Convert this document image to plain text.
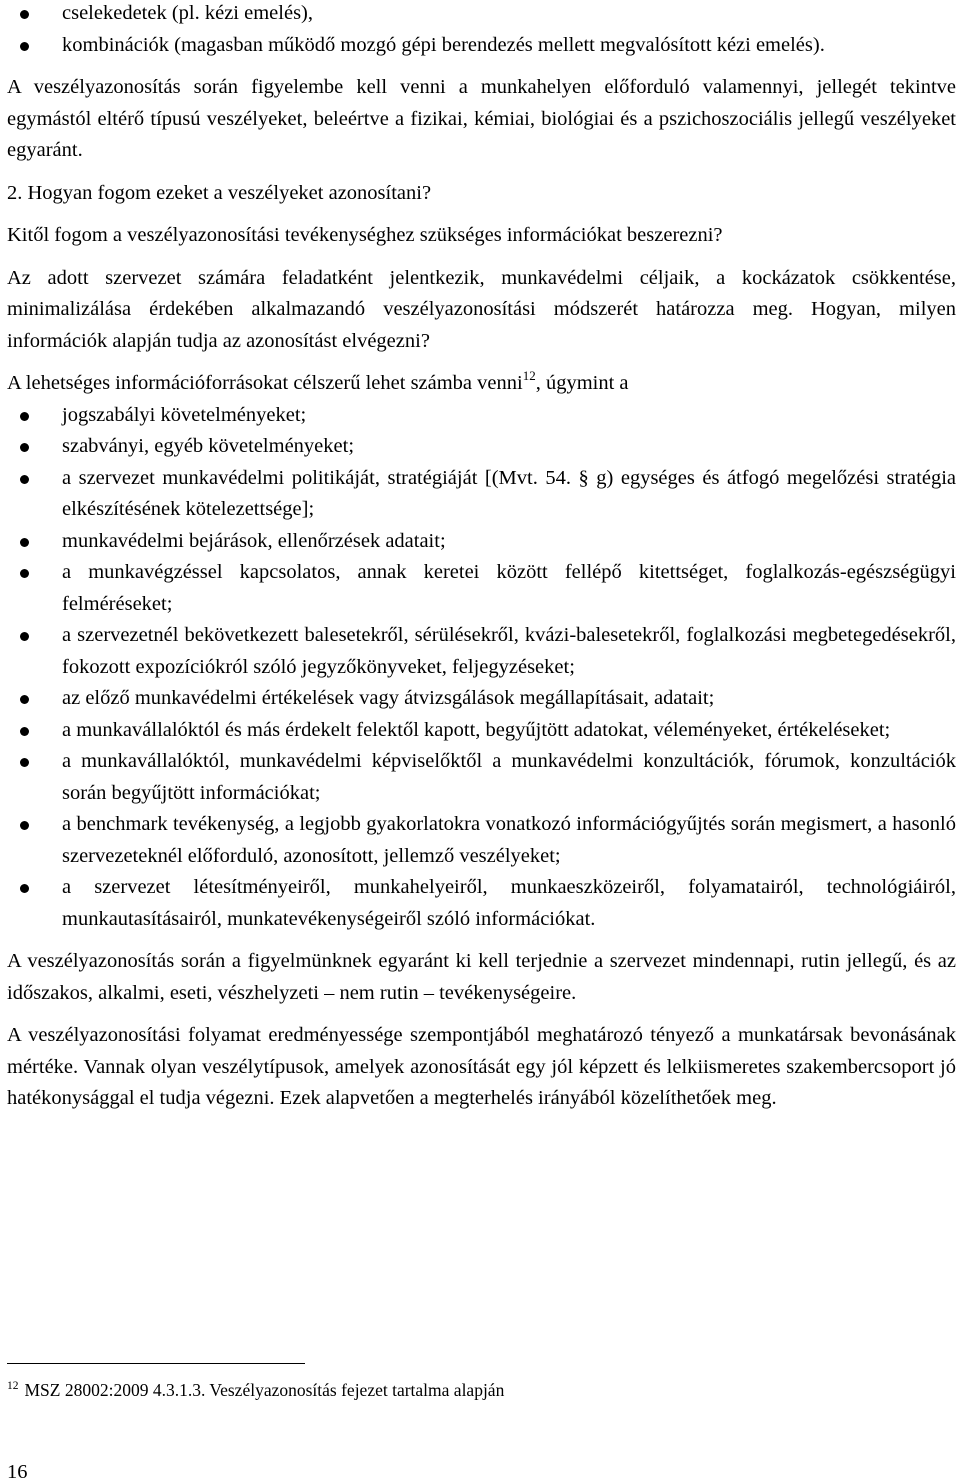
cselekedetek (pl. kézi emelés),
kombinációk (magasban működő mozgó gépi berendezés mellett megvalósított kézi emelés).

A veszélyazonosítás során figyelembe kell venni a munkahelyen előforduló valamennyi, jellegét tekintve egymástól eltérő típusú veszélyeket, beleértve a fizikai, kémiai, biológiai és a pszichoszociális jellegű veszélyeket egyaránt.

2. Hogyan fogom ezeket a veszélyeket azonosítani?

Kitől fogom a veszélyazonosítási tevékenységhez szükséges információkat beszerezni?

Az adott szervezet számára feladatként jelentkezik, munkavédelmi céljaik, a kockázatok csökkentése, minimalizálása érdekében alkalmazandó veszélyazonosítási módszerét határozza meg. Hogyan, milyen információk alapján tudja az azonosítást elvégezni?

A lehetséges információforrásokat célszerű lehet számba venni$^{12}$, úgymint a

jogszabályi követelményeket;
szabványi, egyéb követelményeket;
a szervezet munkavédelmi politikáját, stratégiáját [(Mvt. 54. § g) egységes és átfogó megelőzési stratégia elkészítésének kötelezettsége];
munkavédelmi bejárások, ellenőrzések adatait;
a munkavégzéssel kapcsolatos, annak keretei között fellépő kitettséget, foglalkozás-egészségügyi felméréseket;
a szervezetnél bekövetkezett balesetekről, sérülésekről, kvázi-balesetekről, foglalkozási megbetegedésekről, fokozott expozíciókról szóló jegyzőkönyveket, feljegyzéseket;
az előző munkavédelmi értékelések vagy átvizsgálások megállapításait, adatait;
a munkavállalóktól és más érdekelt felektől kapott, begyűjtött adatokat, véleményeket, értékeléseket;
a munkavállalóktól, munkavédelmi képviselőktől a munkavédelmi konzultációk, fórumok, konzultációk során begyűjtött információkat;
a benchmark tevékenység, a legjobb gyakorlatokra vonatkozó információgyűjtés során megismert, a hasonló szervezeteknél előforduló, azonosított, jellemző veszélyeket;
a szervezet létesítményeiről, munkahelyeiről, munkaeszközeiről, folyamatairól, technológiáiról, munkautasításairól, munkatevékenységeiről szóló információkat.

A veszélyazonosítás során a figyelmünknek egyaránt ki kell terjednie a szervezet mindennapi, rutin jellegű, és az időszakos, alkalmi, eseti, vészhelyzeti – nem rutin – tevékenységeire.

A veszélyazonosítási folyamat eredményessége szempontjából meghatározó tényező a munkatársak bevonásának mértéke. Vannak olyan veszélytípusok, amelyek azonosítását egy jól képzett és lelkiismeretes szakembercsoport jó hatékonysággal el tudja végezni. Ezek alapvetően a megterhelés irányából közelíthetőek meg.

$^{12}$ MSZ 28002:2009 4.3.1.3. Veszélyazonosítás fejezet tartalma alapján
16
